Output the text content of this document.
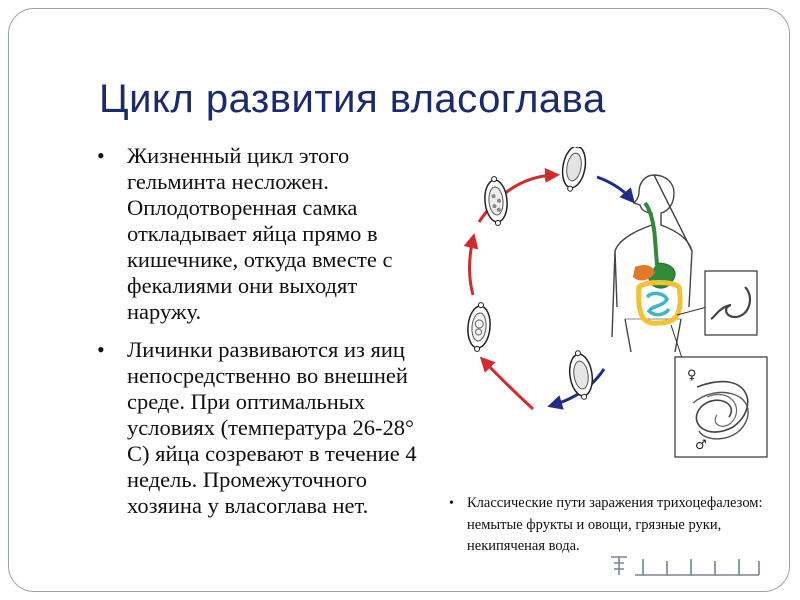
Цикл развития власоглава
• Жизненный цикл этого гельминта несложен. Оплодотворенная самка откладывает яйца прямо в кишечнике, откуда вместе с фекалиями они выходят наружу.
• Личинки развиваются из яиц непосредственно во внешней среде. При оптимальных условиях (температура 26-28° С) яйца созревают в течение 4 недель. Промежуточного хозяина у власоглава нет.
♀
♂
• Классические пути заражения трихоцефалезом: немытые фрукты и овощи, грязные руки, некипяченая вода.
